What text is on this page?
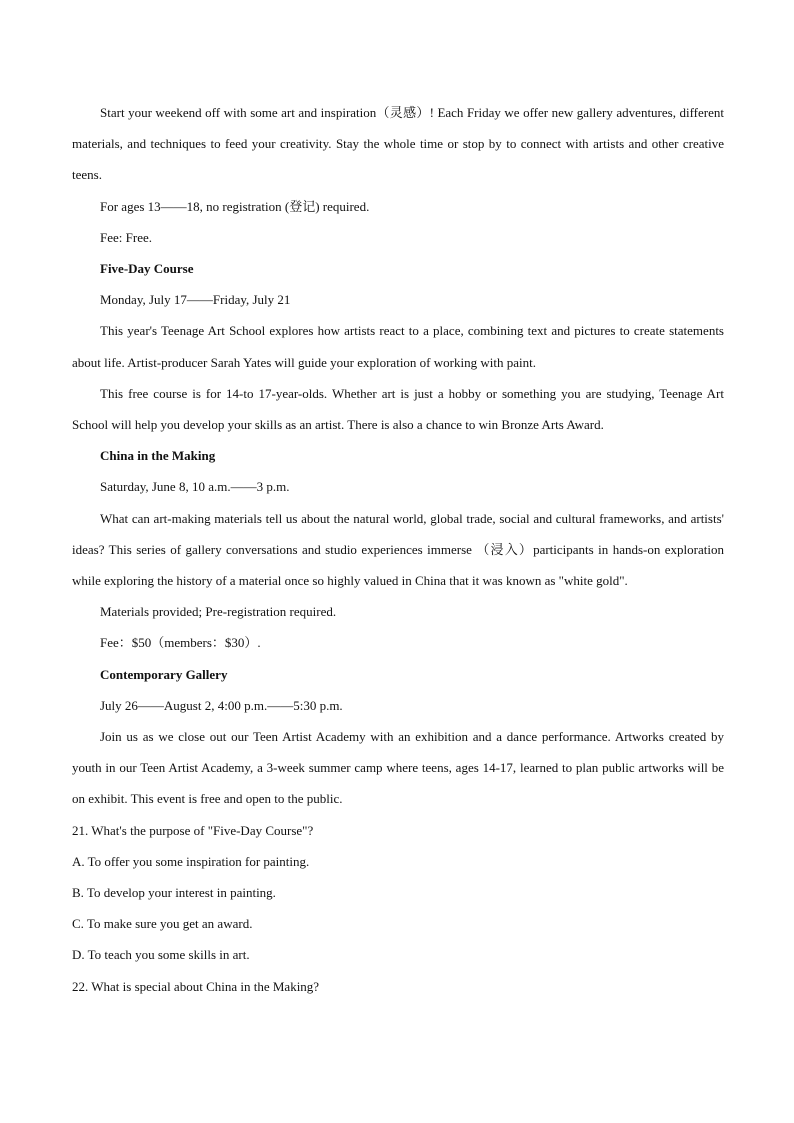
Start your weekend off with some art and inspiration（灵感）! Each Friday we offer new gallery adventures, different materials, and techniques to feed your creativity. Stay the whole time or stop by to connect with artists and other creative teens.

For ages 13——18, no registration (登记) required.

Fee: Free.

Five-Day Course

Monday, July 17——Friday, July 21

This year's Teenage Art School explores how artists react to a place, combining text and pictures to create statements about life. Artist-producer Sarah Yates will guide your exploration of working with paint.

This free course is for 14-to 17-year-olds. Whether art is just a hobby or something you are studying, Teenage Art School will help you develop your skills as an artist. There is also a chance to win Bronze Arts Award.

China in the Making

Saturday, June 8, 10 a.m.——3 p.m.

What can art-making materials tell us about the natural world, global trade, social and cultural frameworks, and artists' ideas? This series of gallery conversations and studio experiences immerse （浸入）participants in hands-on exploration while exploring the history of a material once so highly valued in China that it was known as "white gold".

Materials provided; Pre-registration required.

Fee：$50（members：$30）.

Contemporary Gallery

July 26——August 2, 4:00 p.m.——5:30 p.m.

Join us as we close out our Teen Artist Academy with an exhibition and a dance performance. Artworks created by youth in our Teen Artist Academy, a 3-week summer camp where teens, ages 14-17, learned to plan public artworks will be on exhibit. This event is free and open to the public.

21. What's the purpose of "Five-Day Course"?

A. To offer you some inspiration for painting.

B. To develop your interest in painting.

C. To make sure you get an award.

D. To teach you some skills in art.

22. What is special about China in the Making?
